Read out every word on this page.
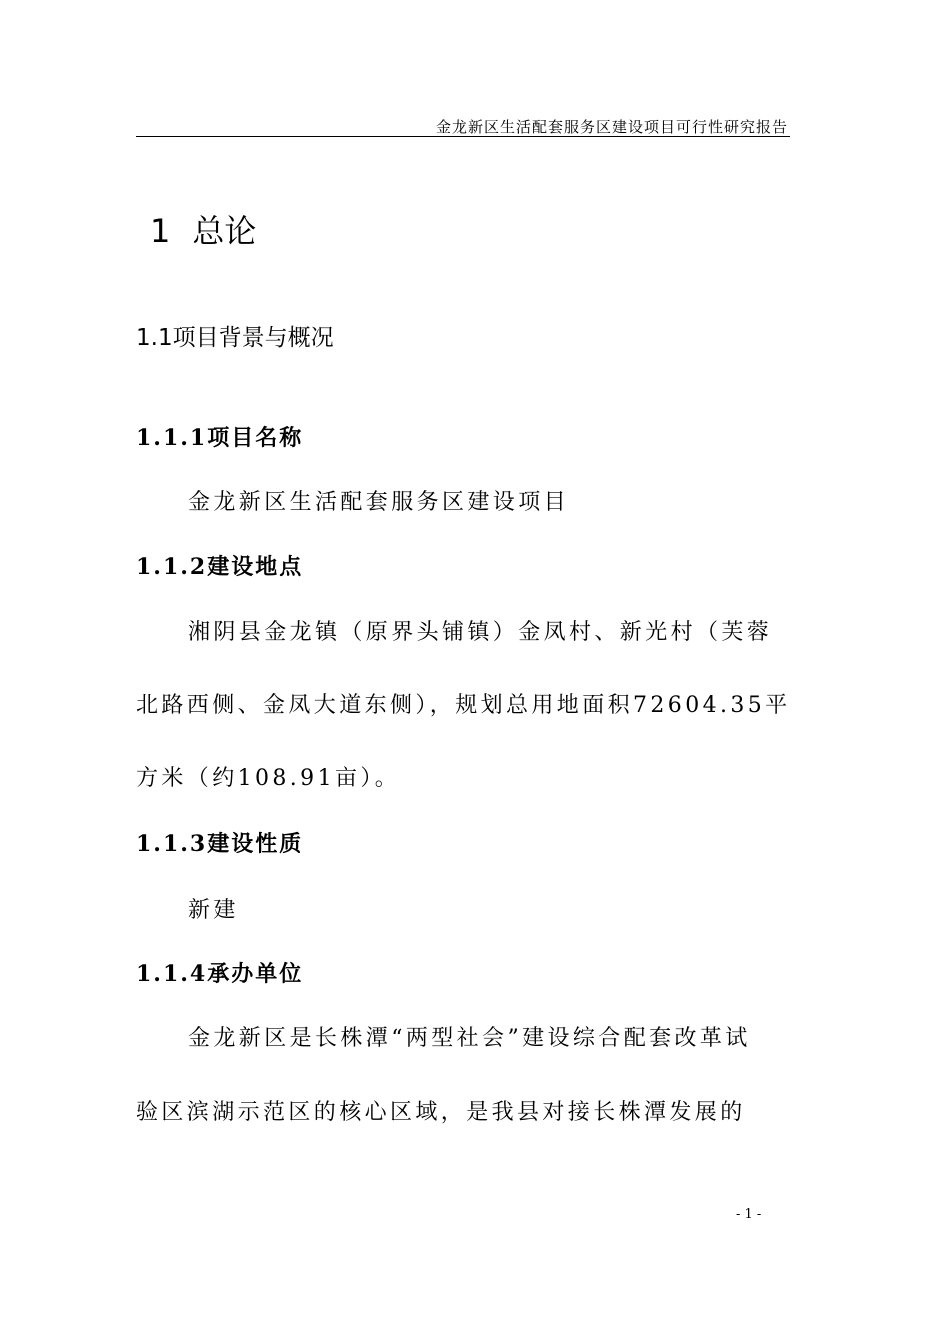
金龙新区生活配套服务区建设项目可行性研究报告
1 总论
1.1项目背景与概况
1.1.1项目名称
金龙新区生活配套服务区建设项目
1.1.2建设地点
湘阴县金龙镇（原界头铺镇）金凤村、新光村（芙蓉
北路西侧、金凤大道东侧），规划总用地面积72604.35平
方米（约108.91亩）。
1.1.3建设性质
新建
1.1.4承办单位
金龙新区是长株潭“两型社会”建设综合配套改革试
验区滨湖示范区的核心区域，是我县对接长株潭发展的
- 1 -
